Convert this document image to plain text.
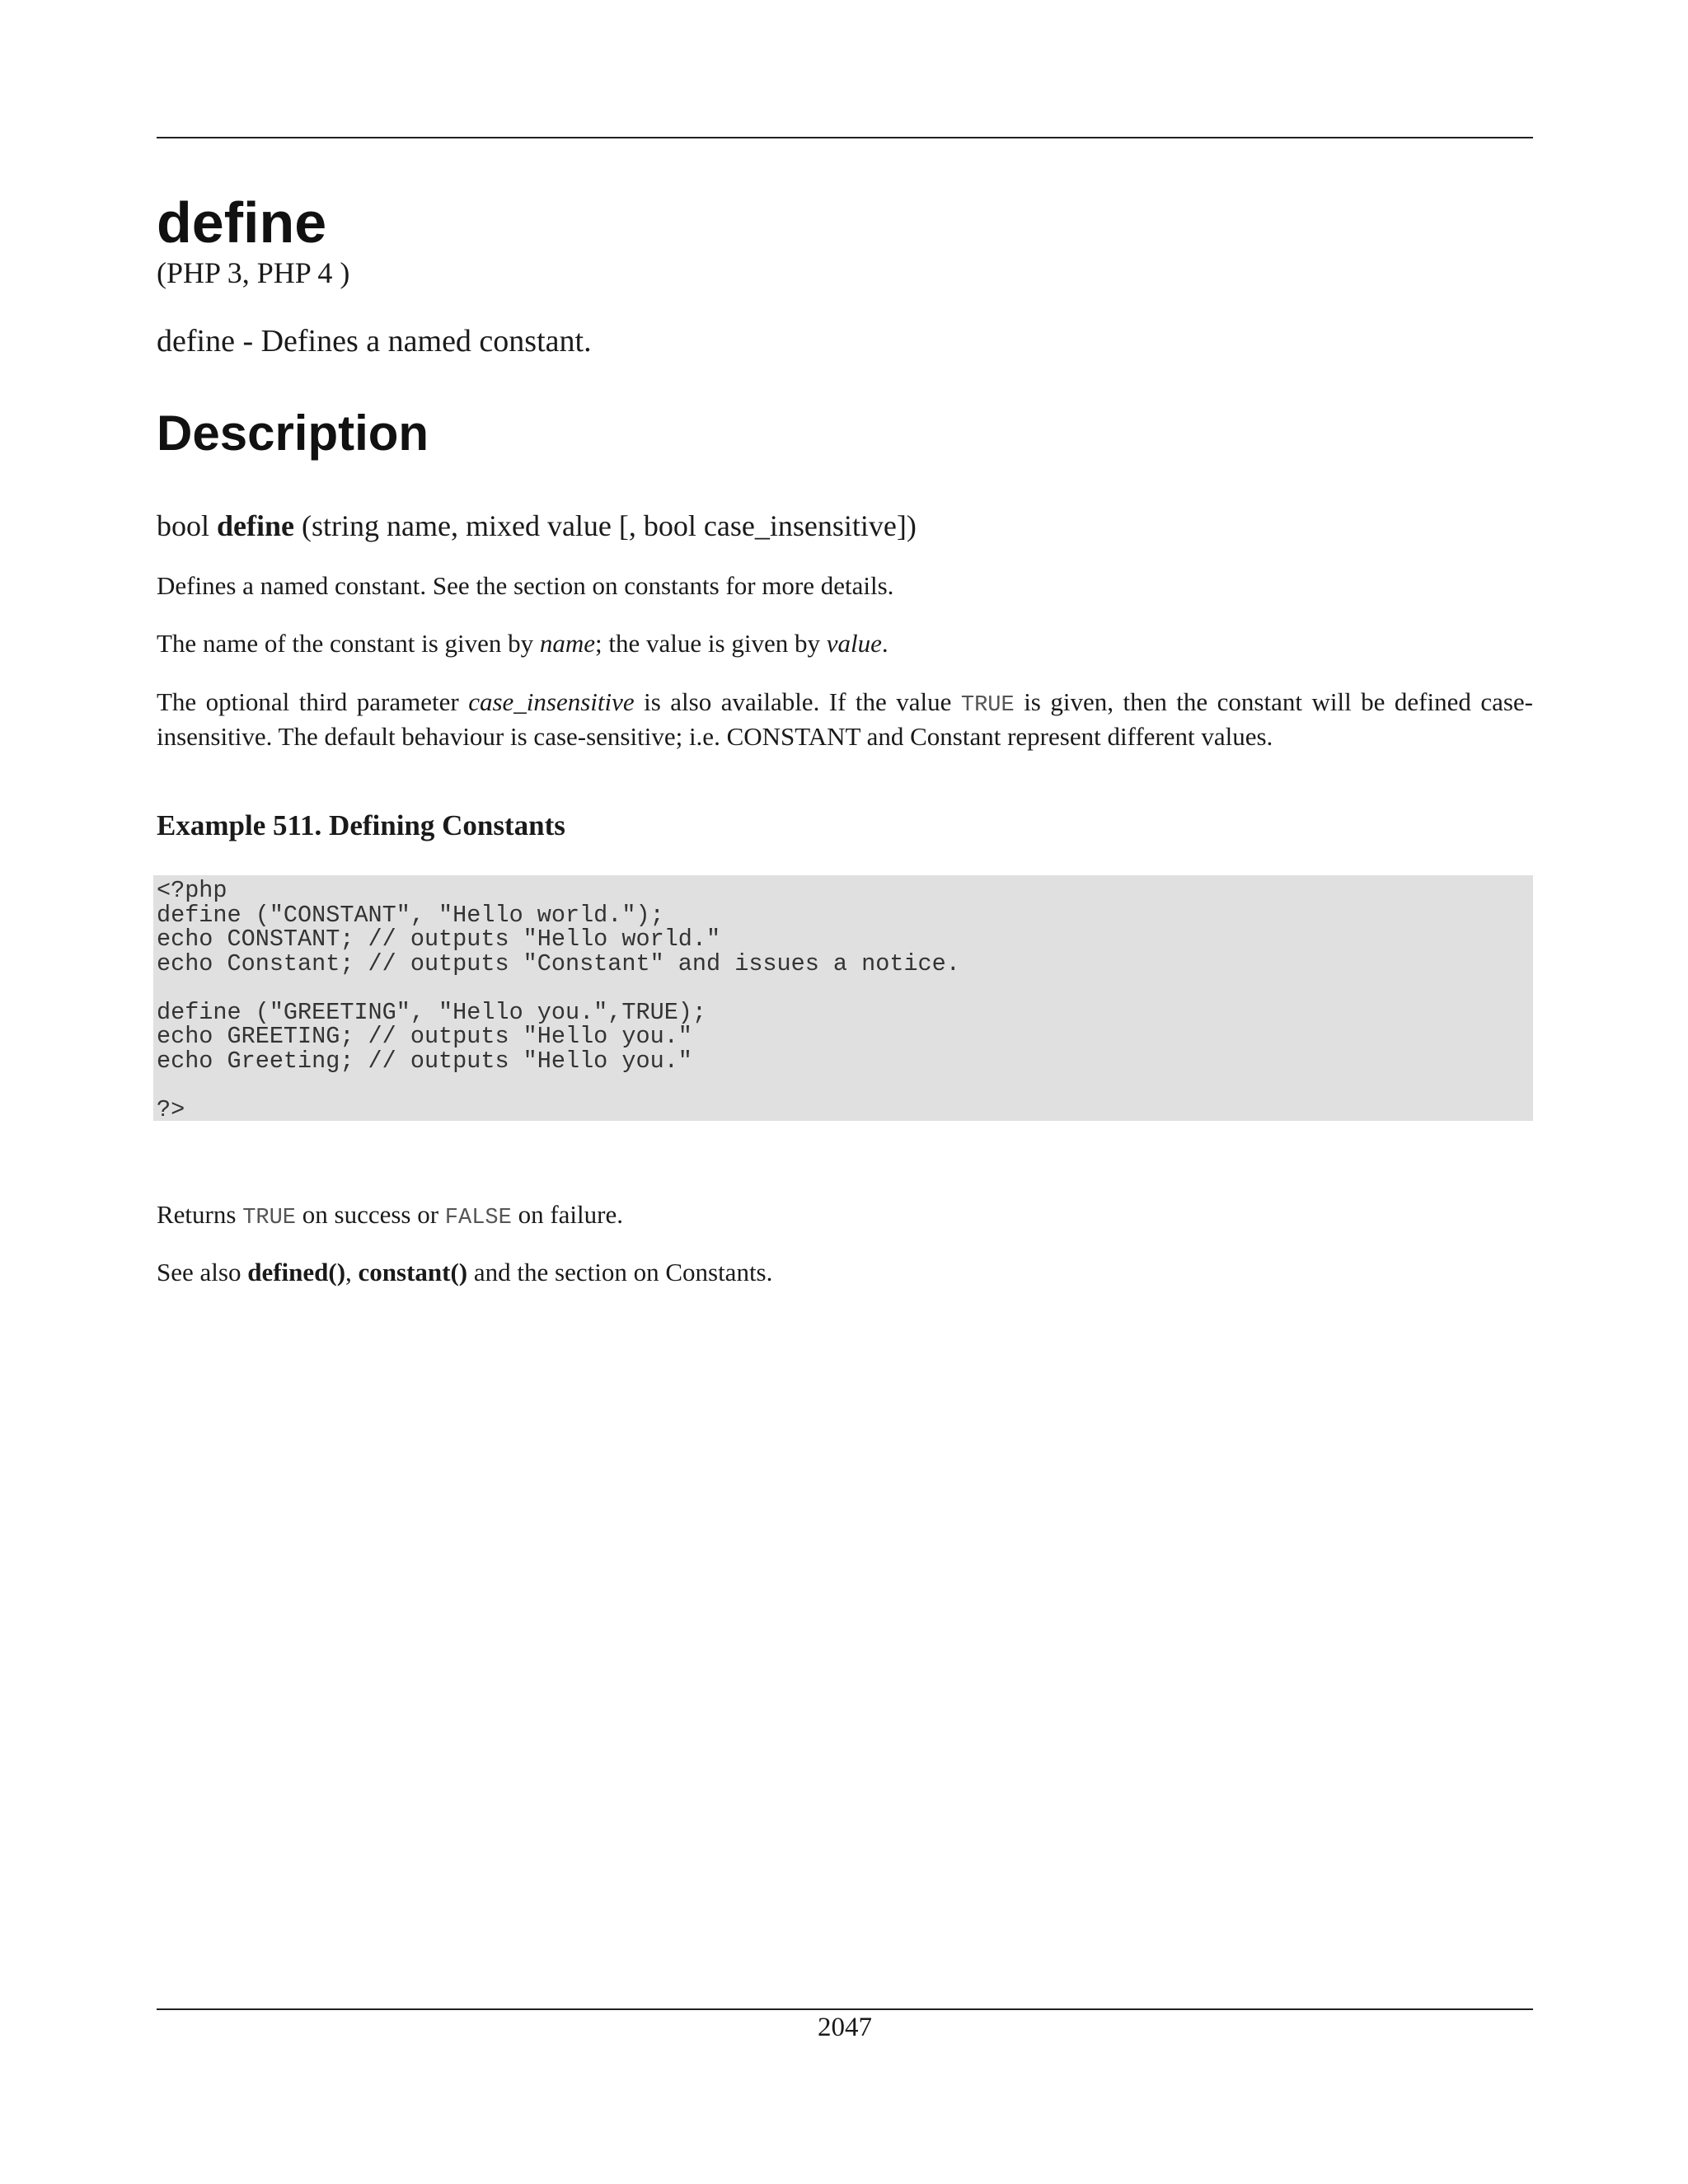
define
(PHP 3, PHP 4 )
define - Defines a named constant.
Description
bool define (string name, mixed value [, bool case_insensitive])

Defines a named constant. See the section on constants for more details.

The name of the constant is given by name; the value is given by value.

The optional third parameter case_insensitive is also available. If the value TRUE is given, then the constant will be defined case-insensitive. The default behaviour is case-sensitive; i.e. CONSTANT and Constant represent different values.

Example 511. Defining Constants
<?php
define ("CONSTANT", "Hello world.");
echo CONSTANT; // outputs "Hello world."
echo Constant; // outputs "Constant" and issues a notice.
define ("GREETING", "Hello you.",TRUE);
echo GREETING; // outputs "Hello you."
echo Greeting; // outputs "Hello you."
?>

Returns TRUE on success or FALSE on failure.

See also defined(), constant() and the section on Constants.

2047
